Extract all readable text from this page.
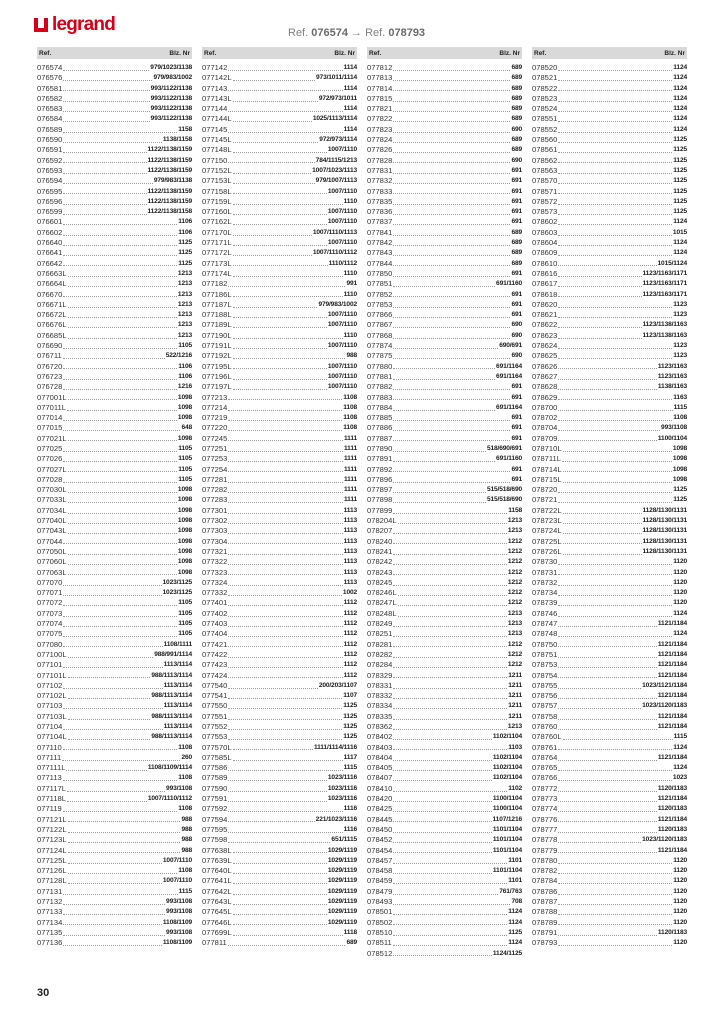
legrand	Ref. 076574 → Ref. 078793
Ref.	Blz. Nr
076574	979/1023/1138
076576	979/983/1002
076581	993/1122/1138
076582	993/1122/1138
076583	993/1122/1138
076584	993/1122/1138
076589	1158
076590	1138/1158
076591	1122/1138/1159
076592	1122/1138/1159
076593	1122/1138/1159
076594	979/983/1138
076595	1122/1138/1159
076596	1122/1138/1159
076599	1122/1138/1158
076601	1106
076602	1106
076640	1125
076641	1125
076642	1125
076663L	1213
076664L	1213
076670	1213
076671L	1213
076672L	1213
076676L	1213
076685L	1213
076690	1105
076711	522/1216
076720	1106
076723	1106
076728	1216
077001L	1098
077011L	1098
077014	1098
077015	648
077021L	1098
077025	1105
077026	1105
077027L	1105
077028	1105
077030L	1098
077033L	1098
077034L	1098
077040L	1098
077043L	1098
077044	1098
077050L	1098
077060L	1098
077063L	1098
077070	1023/1125
077071	1023/1125
077072	1105
077073	1105
077074	1105
077075	1105
077080	1108/1111
077100L	988/991/1114
077101	1113/1114
077101L	988/1113/1114
077102	1113/1114
077102L	988/1113/1114
077103	1113/1114
077103L	988/1113/1114
077104	1113/1114
077104L	988/1113/1114
077110	1108
077111	260
077111L	1108/1109/1114
077113	1108
077117L	993/1108
077118L	1007/1110/1112
077119	1108
077121L	988
077122L	988
077123L	988
077124L	988
077125L	1007/1110
077126L	1108
077128L	1007/1110
077131	1115
077132	993/1108
077133	993/1108
077134	1108/1109
077135	993/1108
077136	1108/1109
Ref.	Blz. Nr
077142	1114
077142L	973/1011/1114
077143	1114
077143L	972/973/1011
077144	1114
077144L	1025/1113/1114
077145	1114
077145L	972/973/1114
077148L	1007/1110
077150	784/1115/1213
077152L	1007/1023/1113
077153L	979/1007/1113
077158L	1007/1110
077159L	1110
077160L	1007/1110
077162L	1007/1110
077170L	1007/1110/1113
077171L	1007/1110
077172L	1007/1110/1112
077173L	1110/1112
077174L	1110
077182	991
077186L	1110
077187L	979/983/1002
077188L	1007/1110
077189L	1007/1110
077190L	1110
077191L	1007/1110
077192L	988
077195L	1007/1110
077196L	1007/1110
077197L	1007/1110
077213	1108
077214	1108
077219	1108
077220	1108
077245	1111
077251	1111
077253	1111
077254	1111
077281	1111
077282	1111
077283	1111
077301	1113
077302	1113
077303	1113
077304	1113
077321	1113
077322	1113
077323	1113
077324	1113
077332	1002
077401	1112
077402	1112
077403	1112
077404	1112
077421	1112
077422	1112
077423	1112
077424	1112
077540	200/203/1107
077541	1107
077550	1125
077551	1125
077552	1125
077553	1125
077570L	1111/1114/1116
077585L	1117
077586	1115
077589	1023/1116
077590	1023/1116
077591	1023/1116
077592	1116
077594	221/1023/1116
077595	1116
077598	651/1115
077638L	1029/1119
077639L	1029/1119
077640L	1029/1119
077641L	1029/1119
077642L	1029/1119
077643L	1029/1119
077645L	1029/1119
077646L	1029/1119
077699L	1118
077811	689
Ref.	Blz. Nr
077812	689
077813	689
077814	689
077815	689
077821	689
077822	689
077823	690
077824	689
077826	689
077828	690
077831	691
077832	691
077833	691
077835	691
077836	691
077837	691
077841	689
077842	689
077843	689
077844	689
077850	691
077851	691/1160
077852	691
077853	691
077866	691
077867	690
077868	690
077874	690/691
077875	690
077880	691/1164
077881	691/1164
077882	691
077883	691
077884	691/1164
077885	691
077886	691
077887	691
077890	518/690/691
077891	691/1160
077892	691
077896	691
077897	515/518/690
077898	515/518/690
077899	1158
078204L	1213
078207	1213
078240	1212
078241	1212
078242	1212
078243	1212
078245	1212
078246L	1212
078247L	1212
078248L	1213
078249	1213
078251	1213
078281	1212
078282	1212
078284	1212
078329	1211
078331	1211
078332	1211
078334	1211
078335	1211
078362	1213
078402	1102/1104
078403	1103
078404	1102/1104
078405	1102/1104
078407	1102/1104
078410	1102
078420	1100/1104
078425	1100/1104
078445	1107/1216
078450	1101/1104
078452	1101/1104
078454	1101/1104
078457	1101
078458	1101/1104
078459	1101
078479	761/763
078493	708
078501	1124
078502	1124
078510	1125
078511	1124
078512	1124/1125
Ref.	Blz. Nr
078520	1124
078521	1124
078522	1124
078523	1124
078524	1124
078551	1124
078552	1124
078560	1125
078561	1125
078562	1125
078563	1125
078570	1125
078571	1125
078572	1125
078573	1125
078602	1124
078603	1015
078604	1124
078609	1124
078610	1015/1124
078616	1123/1163/1171
078617	1123/1163/1171
078618	1123/1163/1171
078620	1123
078621	1123
078622	1123/1138/1163
078623	1123/1138/1163
078624	1123
078625	1123
078626	1123/1163
078627	1123/1163
078628	1138/1163
078629	1163
078700	1115
078702	1108
078704	993/1108
078709	1100/1104
078710L	1098
078711L	1098
078714L	1098
078715L	1098
078720	1125
078721	1125
078722L	1128/1130/1131
078723L	1128/1130/1131
078724L	1128/1130/1131
078725L	1128/1130/1131
078726L	1128/1130/1131
078730	1120
078731	1120
078732	1120
078734	1120
078739	1120
078746	1124
078747	1121/1184
078748	1124
078750	1121/1184
078751	1121/1184
078753	1121/1184
078754	1121/1184
078755	1023/1121/1184
078756	1121/1184
078757	1023/1120/1183
078758	1121/1184
078760	1121/1184
078760L	1115
078761	1124
078764	1121/1184
078765	1124
078766	1023
078772	1120/1183
078773	1121/1184
078774	1120/1183
078776	1121/1184
078777	1120/1183
078778	1023/1120/1183
078779	1121/1184
078780	1120
078782	1120
078784	1120
078786	1120
078787	1120
078788	1120
078789	1120
078791	1120/1183
078793	1120
30
